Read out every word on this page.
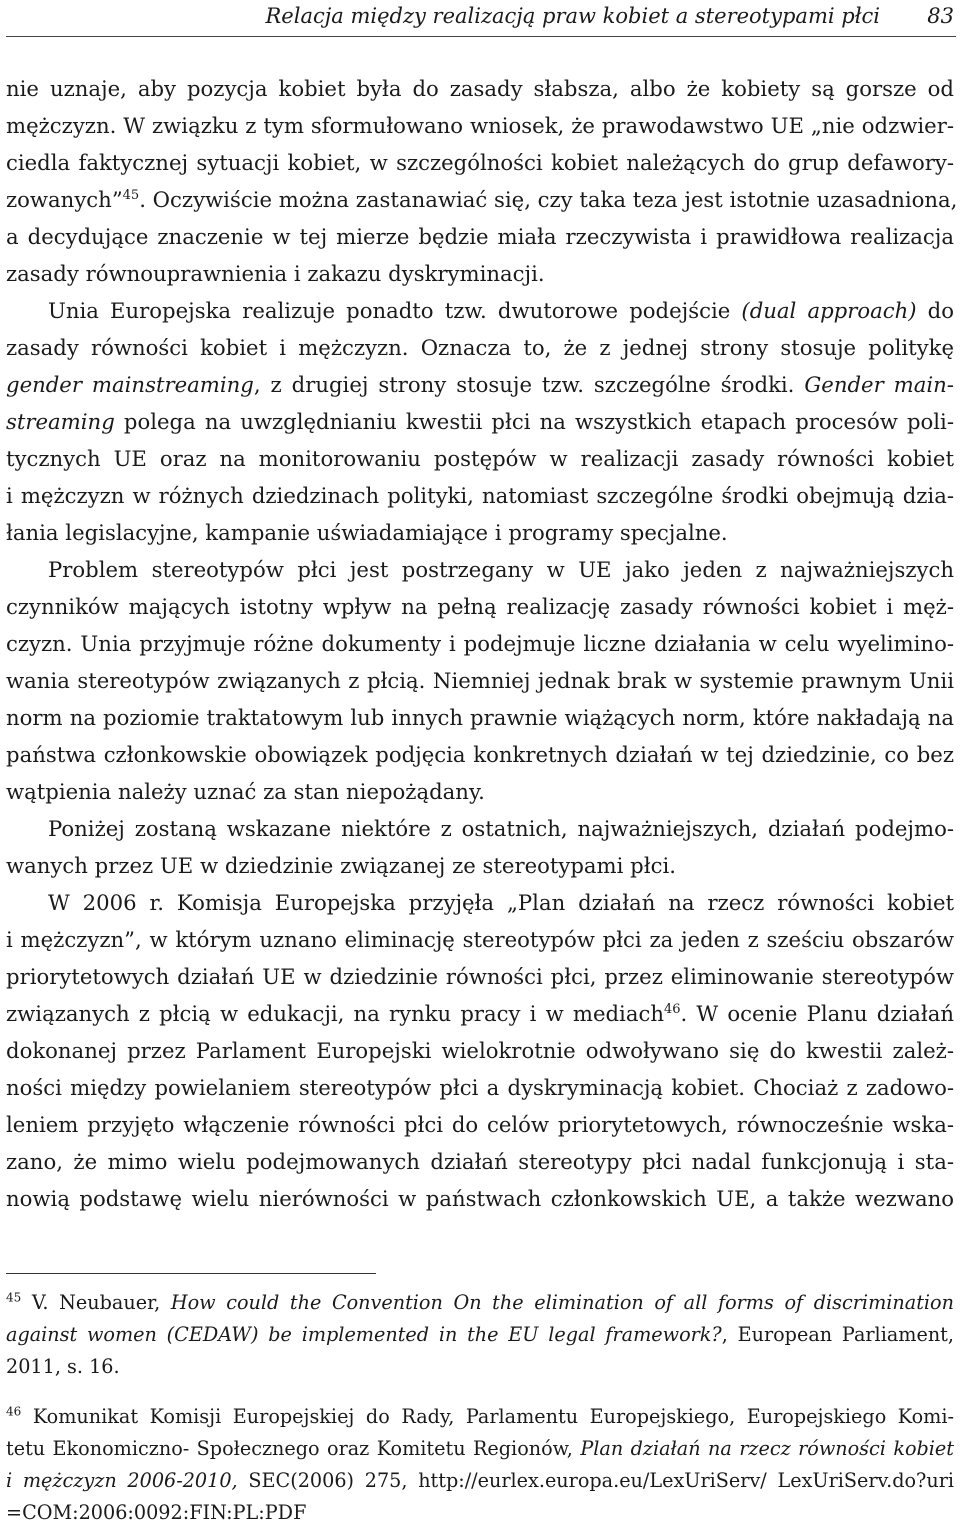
Relacja między realizacją praw kobiet a stereotypami płci 83
nie uznaje, aby pozycja kobiet była do zasady słabsza, albo że kobiety są gorsze od
mężczyzn. W związku z tym sformułowano wniosek, że prawodawstwo UE „nie odzwier-
ciedla faktycznej sytuacji kobiet, w szczególności kobiet należących do grup defawory-
zowanych”$^{45}$. Oczywiście można zastanawiać się, czy taka teza jest istotnie uzasadniona,
a decydujące znaczenie w tej mierze będzie miała rzeczywista i prawidłowa realizacja
zasady równouprawnienia i zakazu dyskryminacji.
Unia Europejska realizuje ponadto tzw. dwutorowe podejście (dual approach) do
zasady równości kobiet i mężczyzn. Oznacza to, że z jednej strony stosuje politykę
gender mainstreaming, z drugiej strony stosuje tzw. szczególne środki. Gender main-
streaming polega na uwzględnianiu kwestii płci na wszystkich etapach procesów poli-
tycznych UE oraz na monitorowaniu postępów w realizacji zasady równości kobiet
i mężczyzn w różnych dziedzinach polityki, natomiast szczególne środki obejmują dzia-
łania legislacyjne, kampanie uświadamiające i programy specjalne.
Problem stereotypów płci jest postrzegany w UE jako jeden z najważniejszych
czynników mających istotny wpływ na pełną realizację zasady równości kobiet i męż-
czyzn. Unia przyjmuje różne dokumenty i podejmuje liczne działania w celu wyelimino-
wania stereotypów związanych z płcią. Niemniej jednak brak w systemie prawnym Unii
norm na poziomie traktatowym lub innych prawnie wiążących norm, które nakładają na
państwa członkowskie obowiązek podjęcia konkretnych działań w tej dziedzinie, co bez
wątpienia należy uznać za stan niepożądany.
Poniżej zostaną wskazane niektóre z ostatnich, najważniejszych, działań podejmo-
wanych przez UE w dziedzinie związanej ze stereotypami płci.
W 2006 r. Komisja Europejska przyjęła „Plan działań na rzecz równości kobiet
i mężczyzn”, w którym uznano eliminację stereotypów płci za jeden z sześciu obszarów
priorytetowych działań UE w dziedzinie równości płci, przez eliminowanie stereotypów
związanych z płcią w edukacji, na rynku pracy i w mediach$^{46}$. W ocenie Planu działań
dokonanej przez Parlament Europejski wielokrotnie odwoływano się do kwestii zależ-
ności między powielaniem stereotypów płci a dyskryminacją kobiet. Chociaż z zadowo-
leniem przyjęto włączenie równości płci do celów priorytetowych, równocześnie wska-
zano, że mimo wielu podejmowanych działań stereotypy płci nadal funkcjonują i sta-
nowią podstawę wielu nierówności w państwach członkowskich UE, a także wezwano
$^{45}$ V. Neubauer, How could the Convention On the elimination of all forms of discrimination
against women (CEDAW) be implemented in the EU legal framework?, European Parliament,
2011, s. 16.
$^{46}$ Komunikat Komisji Europejskiej do Rady, Parlamentu Europejskiego, Europejskiego Komi-
tetu Ekonomiczno- Społecznego oraz Komitetu Regionów, Plan działań na rzecz równości kobiet
i mężczyzn 2006-2010, SEC(2006) 275, http://eurlex.europa.eu/LexUriServ/ LexUriServ.do?uri
=COM:2006:0092:FIN:PL:PDF
